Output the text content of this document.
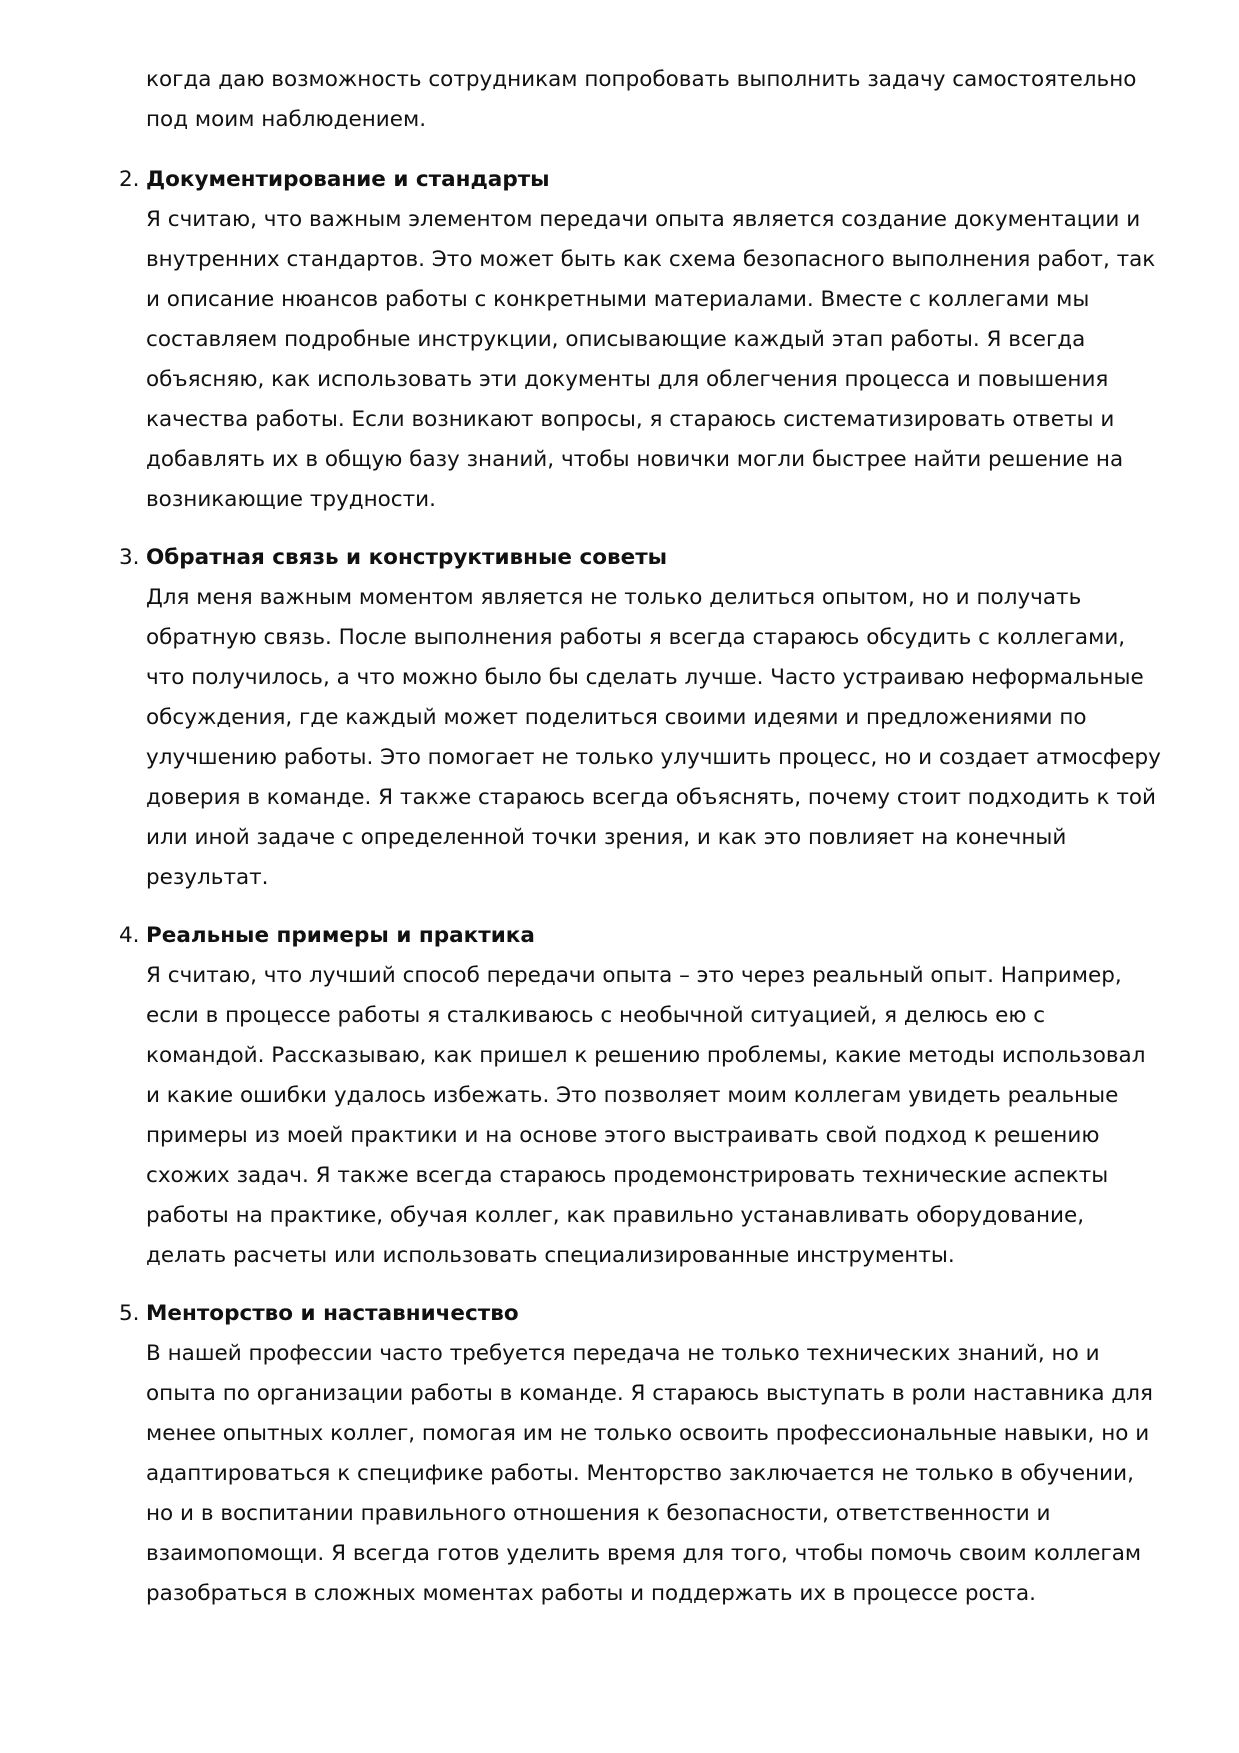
когда даю возможность сотрудникам попробовать выполнить задачу самостоятельно под моим наблюдением.

2. Документирование и стандарты

Я считаю, что важным элементом передачи опыта является создание документации и внутренних стандартов. Это может быть как схема безопасного выполнения работ, так и описание нюансов работы с конкретными материалами. Вместе с коллегами мы составляем подробные инструкции, описывающие каждый этап работы. Я всегда объясняю, как использовать эти документы для облегчения процесса и повышения качества работы. Если возникают вопросы, я стараюсь систематизировать ответы и добавлять их в общую базу знаний, чтобы новички могли быстрее найти решение на возникающие трудности.

3. Обратная связь и конструктивные советы

Для меня важным моментом является не только делиться опытом, но и получать обратную связь. После выполнения работы я всегда стараюсь обсудить с коллегами, что получилось, а что можно было бы сделать лучше. Часто устраиваю неформальные обсуждения, где каждый может поделиться своими идеями и предложениями по улучшению работы. Это помогает не только улучшить процесс, но и создает атмосферу доверия в команде. Я также стараюсь всегда объяснять, почему стоит подходить к той или иной задаче с определенной точки зрения, и как это повлияет на конечный результат.

4. Реальные примеры и практика

Я считаю, что лучший способ передачи опыта – это через реальный опыт. Например, если в процессе работы я сталкиваюсь с необычной ситуацией, я делюсь ею с командой. Рассказываю, как пришел к решению проблемы, какие методы использовал и какие ошибки удалось избежать. Это позволяет моим коллегам увидеть реальные примеры из моей практики и на основе этого выстраивать свой подход к решению схожих задач. Я также всегда стараюсь продемонстрировать технические аспекты работы на практике, обучая коллег, как правильно устанавливать оборудование, делать расчеты или использовать специализированные инструменты.

5. Менторство и наставничество

В нашей профессии часто требуется передача не только технических знаний, но и опыта по организации работы в команде. Я стараюсь выступать в роли наставника для менее опытных коллег, помогая им не только освоить профессиональные навыки, но и адаптироваться к специфике работы. Менторство заключается не только в обучении, но и в воспитании правильного отношения к безопасности, ответственности и взаимопомощи. Я всегда готов уделить время для того, чтобы помочь своим коллегам разобраться в сложных моментах работы и поддержать их в процессе роста.
